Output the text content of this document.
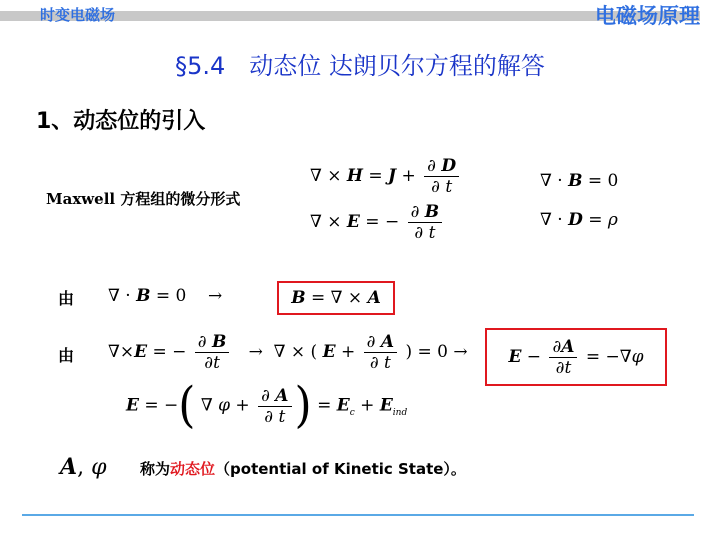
时变电磁场	电磁场原理
§5.4　动态位 达朗贝尔方程的解答
1、动态位的引入
Maxwell 方程组的微分形式
∇ × $H = J + \frac{\partial D}{\partial t}$
∇ × E = − $\frac{\partial B}{\partial t}$
∇ · B = 0
∇ · D = ρ
由 ∇ · B = 0    →	B = ∇ × A
由 ∇×E = − $\frac{\partial B}{\partial t}$ →  ∇ × ( $E + \frac{\partial A}{\partial t}$ ) = 0 →	$E - \frac{\partial A}{\partial t} = -\nabla\varphi$
E = −( ∇ $\varphi + \frac{\partial A}{\partial t}$ ) = $E_c + E_{ind}$
A, φ 称为动态位（potential of Kinetic State）。
